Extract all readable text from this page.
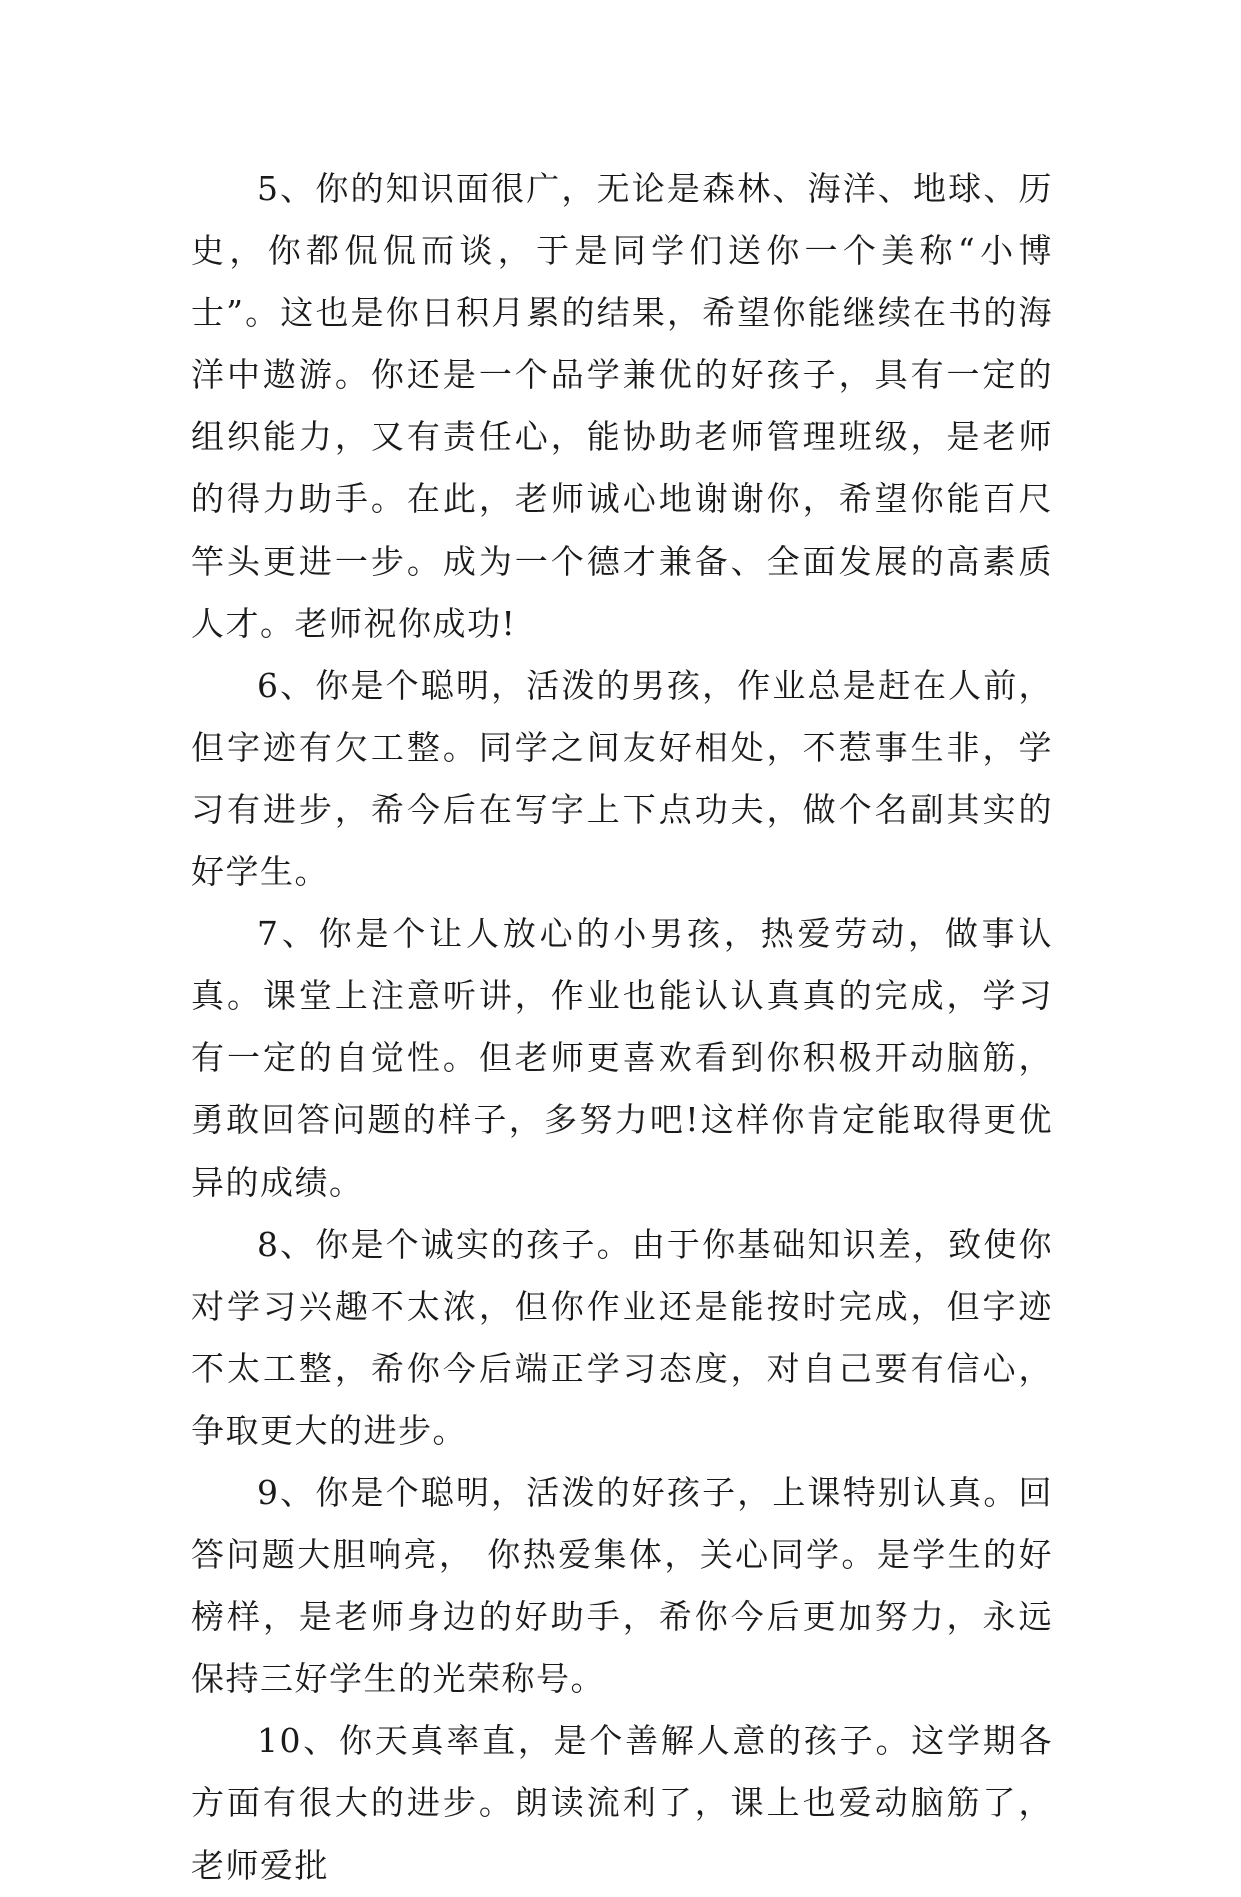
5、你的知识面很广，无论是森林、海洋、地球、历史，你都侃侃而谈，于是同学们送你一个美称“小博士”。这也是你日积月累的结果，希望你能继续在书的海洋中遨游。你还是一个品学兼优的好孩子，具有一定的组织能力，又有责任心，能协助老师管理班级，是老师的得力助手。在此，老师诚心地谢谢你，希望你能百尺竿头更进一步。成为一个德才兼备、全面发展的高素质人才。老师祝你成功!

6、你是个聪明，活泼的男孩，作业总是赶在人前，但字迹有欠工整。同学之间友好相处，不惹事生非，学习有进步，希今后在写字上下点功夫，做个名副其实的好学生。

7、你是个让人放心的小男孩，热爱劳动，做事认真。课堂上注意听讲，作业也能认认真真的完成，学习有一定的自觉性。但老师更喜欢看到你积极开动脑筋，勇敢回答问题的样子，多努力吧!这样你肯定能取得更优异的成绩。

8、你是个诚实的孩子。由于你基础知识差，致使你对学习兴趣不太浓，但你作业还是能按时完成，但字迹不太工整，希你今后端正学习态度，对自己要有信心，争取更大的进步。

9、你是个聪明，活泼的好孩子，上课特别认真。回答问题大胆响亮， 你热爱集体，关心同学。是学生的好榜样，是老师身边的好助手，希你今后更加努力，永远保持三好学生的光荣称号。

10、你天真率直，是个善解人意的孩子。这学期各方面有很大的进步。朗读流利了，课上也爱动脑筋了，老师爱批
